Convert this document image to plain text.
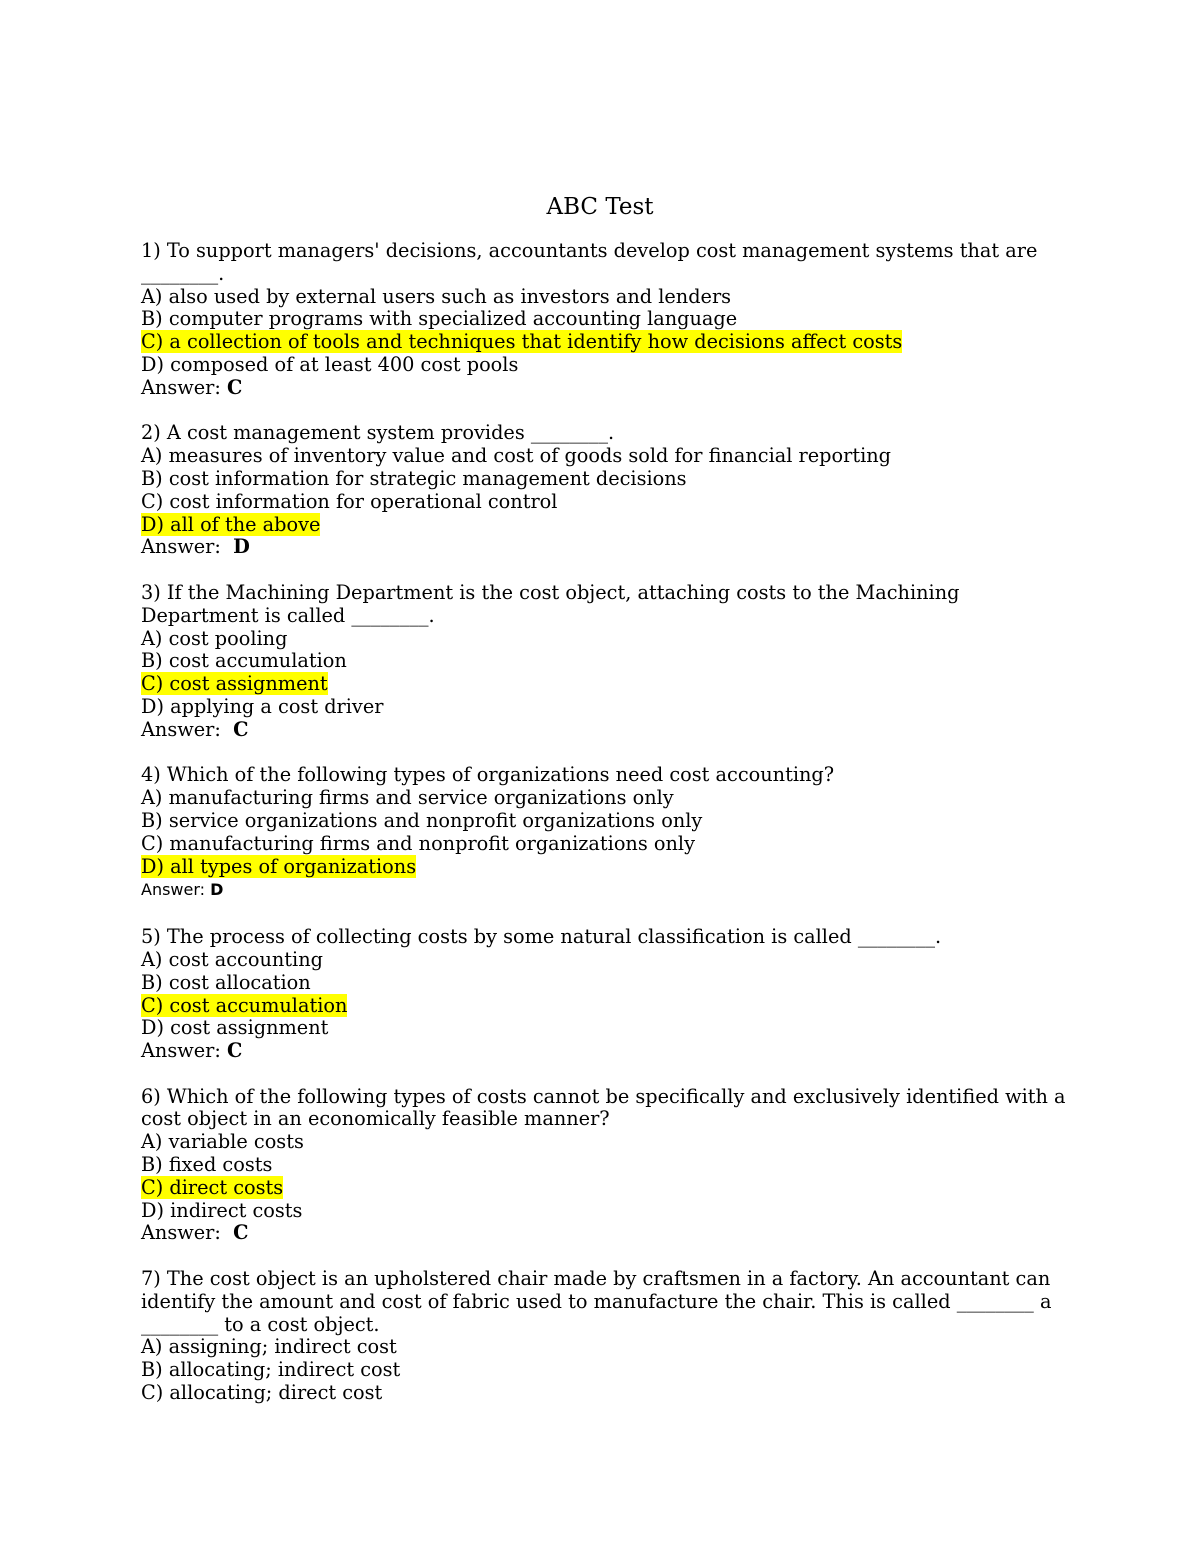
ABC Test
1) To support managers' decisions, accountants develop cost management systems that are ________.
A) also used by external users such as investors and lenders
B) computer programs with specialized accounting language
C) a collection of tools and techniques that identify how decisions affect costs
D) composed of at least 400 cost pools
Answer: C
2) A cost management system provides ________.
A) measures of inventory value and cost of goods sold for financial reporting
B) cost information for strategic management decisions
C) cost information for operational control
D) all of the above
Answer:  D
3) If the Machining Department is the cost object, attaching costs to the Machining Department is called ________.
A) cost pooling
B) cost accumulation
C) cost assignment
D) applying a cost driver
Answer:  C
4) Which of the following types of organizations need cost accounting?
A) manufacturing firms and service organizations only
B) service organizations and nonprofit organizations only
C) manufacturing firms and nonprofit organizations only
D) all types of organizations
Answer: D
5) The process of collecting costs by some natural classification is called ________.
A) cost accounting
B) cost allocation
C) cost accumulation
D) cost assignment
Answer: C
6) Which of the following types of costs cannot be specifically and exclusively identified with a cost object in an economically feasible manner?
A) variable costs
B) fixed costs
C) direct costs
D) indirect costs
Answer:  C
7) The cost object is an upholstered chair made by craftsmen in a factory. An accountant can identify the amount and cost of fabric used to manufacture the chair. This is called ________ a ________ to a cost object.
A) assigning; indirect cost
B) allocating; indirect cost
C) allocating; direct cost
